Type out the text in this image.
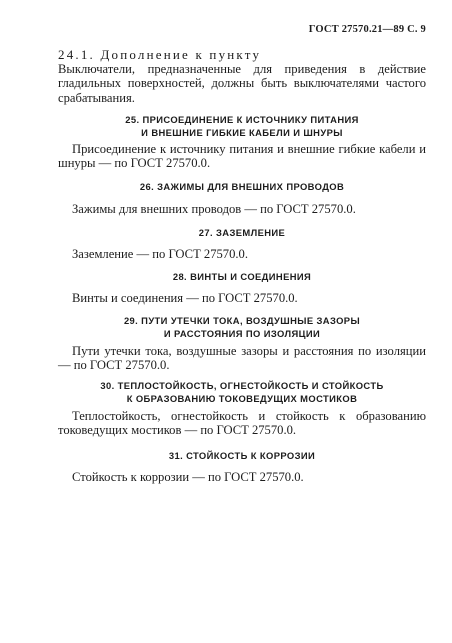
ГОСТ 27570.21—89 С. 9

24.1. Дополнение к пункту

Выключатели, предназначенные для приведения в действие гладильных поверхностей, должны быть выключателями частого срабатывания.

25. ПРИСОЕДИНЕНИЕ К ИСТОЧНИКУ ПИТАНИЯ
И ВНЕШНИЕ ГИБКИЕ КАБЕЛИ И ШНУРЫ

Присоединение к источнику питания и внешние гибкие кабели и шнуры — по ГОСТ 27570.0.

26. ЗАЖИМЫ ДЛЯ ВНЕШНИХ ПРОВОДОВ

Зажимы для внешних проводов — по ГОСТ 27570.0.

27. ЗАЗЕМЛЕНИЕ

Заземление — по ГОСТ 27570.0.

28. ВИНТЫ И СОЕДИНЕНИЯ

Винты и соединения — по ГОСТ 27570.0.

29. ПУТИ УТЕЧКИ ТОКА, ВОЗДУШНЫЕ ЗАЗОРЫ
И РАССТОЯНИЯ ПО ИЗОЛЯЦИИ

Пути утечки тока, воздушные зазоры и расстояния по изоляции — по ГОСТ 27570.0.

30. ТЕПЛОСТОЙКОСТЬ, ОГНЕСТОЙКОСТЬ И СТОЙКОСТЬ
К ОБРАЗОВАНИЮ ТОКОВЕДУЩИХ МОСТИКОВ

Теплостойкость, огнестойкость и стойкость к образованию токоведущих мостиков — по ГОСТ 27570.0.

31. СТОЙКОСТЬ К КОРРОЗИИ

Стойкость к коррозии — по ГОСТ 27570.0.
